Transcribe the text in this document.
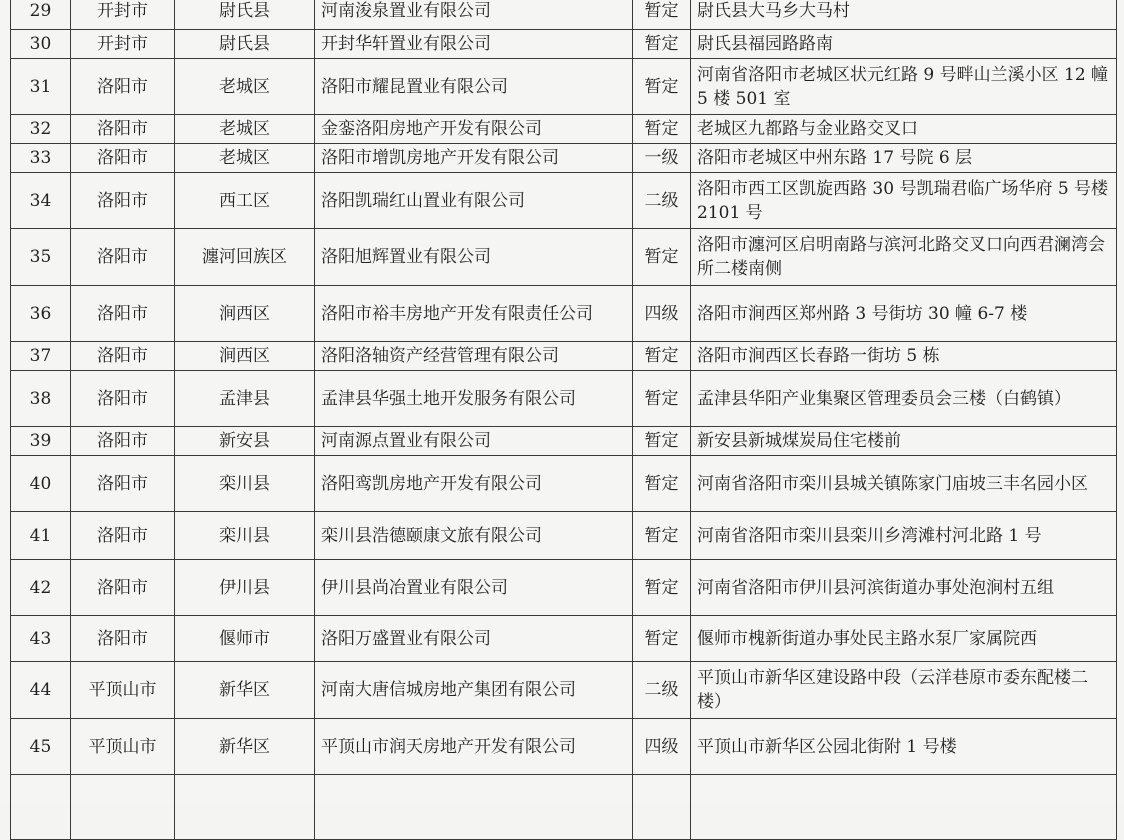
29	开封市	尉氏县	河南浚泉置业有限公司	暂定	尉氏县大马乡大马村
30	开封市	尉氏县	开封华轩置业有限公司	暂定	尉氏县福园路路南
31	洛阳市	老城区	洛阳市耀昆置业有限公司	暂定	河南省洛阳市老城区状元红路 9 号畔山兰溪小区 12 幢 5 楼 501 室
32	洛阳市	老城区	金銮洛阳房地产开发有限公司	暂定	老城区九都路与金业路交叉口
33	洛阳市	老城区	洛阳市增凯房地产开发有限公司	一级	洛阳市老城区中州东路 17 号院 6 层
34	洛阳市	西工区	洛阳凯瑞红山置业有限公司	二级	洛阳市西工区凯旋西路 30 号凯瑞君临广场华府 5 号楼 2101 号
35	洛阳市	瀍河回族区	洛阳旭辉置业有限公司	暂定	洛阳市瀍河区启明南路与滨河北路交叉口向西君澜湾会所二楼南侧
36	洛阳市	涧西区	洛阳市裕丰房地产开发有限责任公司	四级	洛阳市涧西区郑州路 3 号街坊 30 幢 6-7 楼
37	洛阳市	涧西区	洛阳洛轴资产经营管理有限公司	暂定	洛阳市涧西区长春路一街坊 5 栋
38	洛阳市	孟津县	孟津县华强土地开发服务有限公司	暂定	孟津县华阳产业集聚区管理委员会三楼（白鹤镇）
39	洛阳市	新安县	河南源点置业有限公司	暂定	新安县新城煤炭局住宅楼前
40	洛阳市	栾川县	洛阳鸾凯房地产开发有限公司	暂定	河南省洛阳市栾川县城关镇陈家门庙坡三丰名园小区
41	洛阳市	栾川县	栾川县浩德颐康文旅有限公司	暂定	河南省洛阳市栾川县栾川乡湾滩村河北路 1 号
42	洛阳市	伊川县	伊川县尚冶置业有限公司	暂定	河南省洛阳市伊川县河滨街道办事处泡涧村五组
43	洛阳市	偃师市	洛阳万盛置业有限公司	暂定	偃师市槐新街道办事处民主路水泵厂家属院西
44	平顶山市	新华区	河南大唐信城房地产集团有限公司	二级	平顶山市新华区建设路中段（云洋巷原市委东配楼二楼）
45	平顶山市	新华区	平顶山市润天房地产开发有限公司	四级	平顶山市新华区公园北街附 1 号楼
